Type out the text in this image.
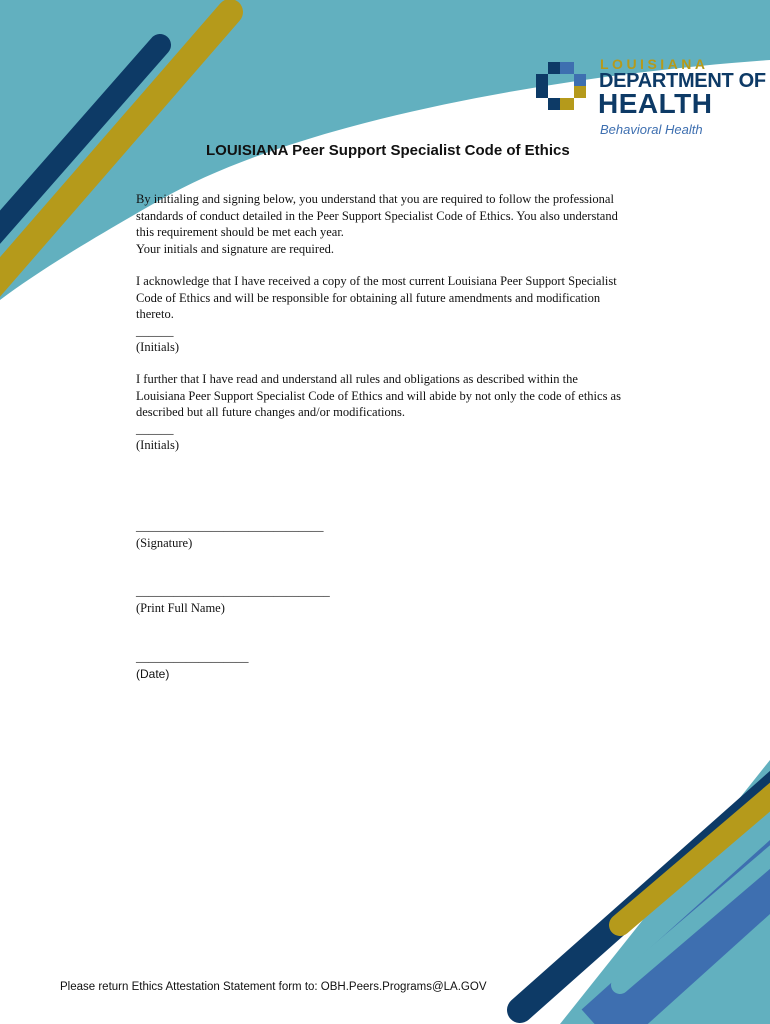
LOUISIANA
DEPARTMENT OF
HEALTH
Behavioral Health
LOUISIANA Peer Support Specialist Code of Ethics
By initialing and signing below, you understand that you are required to follow the professional
standards of conduct detailed in the Peer Support Specialist Code of Ethics. You also understand
this requirement should be met each year.
Your initials and signature are required.
I acknowledge that I have received a copy of the most current Louisiana Peer Support Specialist
Code of Ethics and will be responsible for obtaining all future amendments and modification
thereto.
______
(Initials)
I further that I have read and understand all rules and obligations as described within the
Louisiana Peer Support Specialist Code of Ethics and will abide by not only the code of ethics as
described but all future changes and/or modifications.
______
(Initials)
______________________________
(Signature)
_______________________________
(Print Full Name)
__________________
(Date)
Please return Ethics Attestation Statement form to: OBH.Peers.Programs@LA.GOV
